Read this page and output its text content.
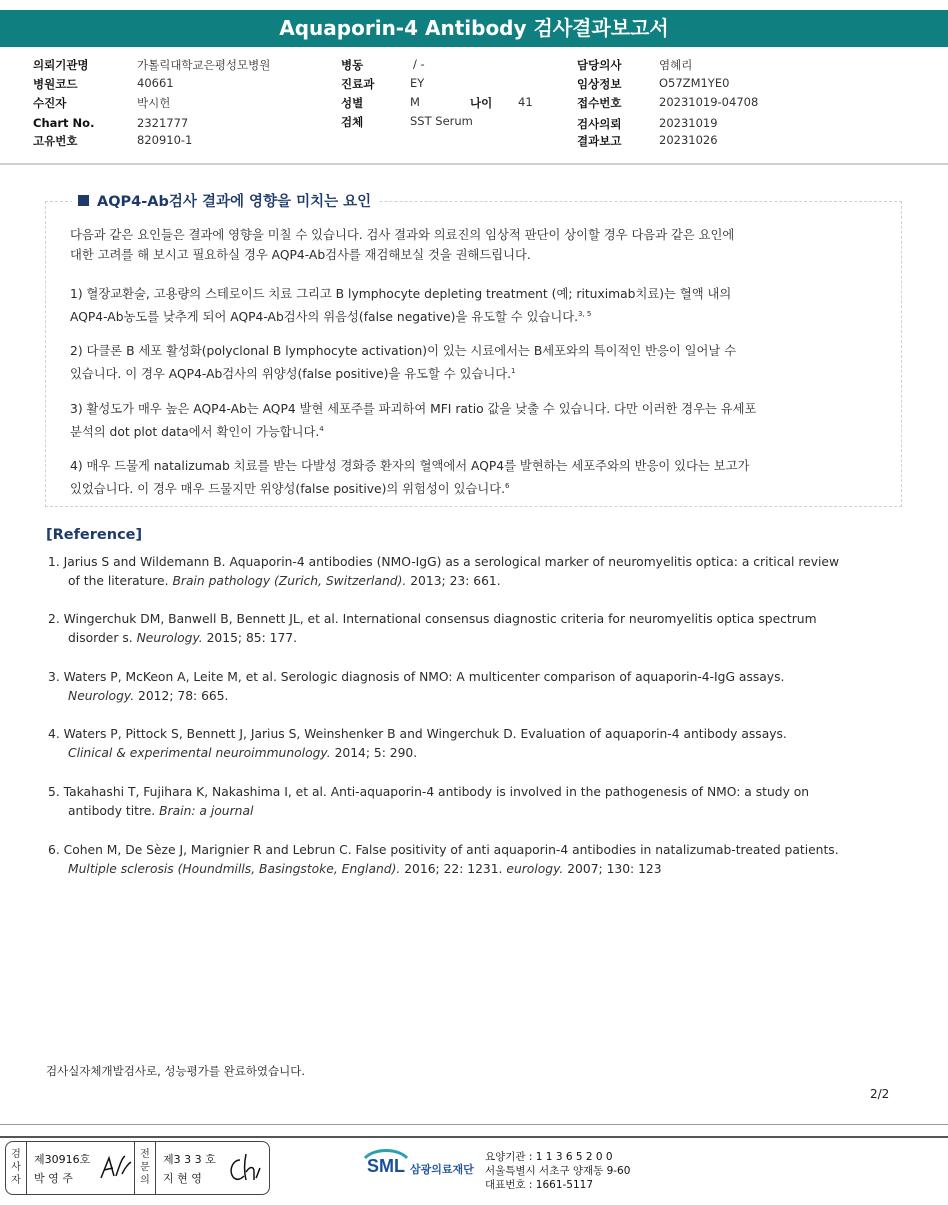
Aquaporin-4 Antibody 검사결과보고서
의뢰기관명	가톨릭대학교은평성모병원
병원코드	40661
수진자	박시헌
Chart No.	2321777
고유번호	820910-1
병동	/ -
진료과	EY
성별	M	나이 41
검체	SST Serum
담당의사	염혜리
임상정보	O57ZM1YE0
접수번호	20231019-04708
검사의뢰	20231019
결과보고	20231026
AQP4-Ab검사 결과에 영향을 미치는 요인

다음과 같은 요인들은 결과에 영향을 미칠 수 있습니다. 검사 결과와 의료진의 임상적 판단이 상이할 경우 다음과 같은 요인에
대한 고려를 해 보시고 필요하실 경우 AQP4-Ab검사를 재검해보실 것을 권해드립니다.

1) 혈장교환술, 고용량의 스테로이드 치료 그리고 B lymphocyte depleting treatment (예; rituximab치료)는 혈액 내의
AQP4-Ab농도를 낮추게 되어 AQP4-Ab검사의 위음성(false negative)을 유도할 수 있습니다.$^{3, 5}$

2) 다클론 B 세포 활성화(polyclonal B lymphocyte activation)이 있는 시료에서는 B세포와의 특이적인 반응이 일어날 수
있습니다. 이 경우 AQP4-Ab검사의 위양성(false positive)을 유도할 수 있습니다.$^1$

3) 활성도가 매우 높은 AQP4-Ab는 AQP4 발현 세포주를 파괴하여 MFI ratio 값을 낮출 수 있습니다. 다만 이러한 경우는 유세포
분석의 dot plot data에서 확인이 가능합니다.$^4$

4) 매우 드물게 natalizumab 치료를 받는 다발성 경화증 환자의 혈액에서 AQP4를 발현하는 세포주와의 반응이 있다는 보고가
있었습니다. 이 경우 매우 드물지만 위양성(false positive)의 위험성이 있습니다.$^6$

[Reference]
1. Jarius S and Wildemann B. Aquaporin-4 antibodies (NMO-IgG) as a serological marker of neuromyelitis optica: a critical review
of the literature. Brain pathology (Zurich, Switzerland). 2013; 23: 661.
2. Wingerchuk DM, Banwell B, Bennett JL, et al. International consensus diagnostic criteria for neuromyelitis optica spectrum
disorder s. Neurology. 2015; 85: 177.
3. Waters P, McKeon A, Leite M, et al. Serologic diagnosis of NMO: A multicenter comparison of aquaporin-4-IgG assays.
Neurology. 2012; 78: 665.
4. Waters P, Pittock S, Bennett J, Jarius S, Weinshenker B and Wingerchuk D. Evaluation of aquaporin-4 antibody assays.
Clinical & experimental neuroimmunology. 2014; 5: 290.
5. Takahashi T, Fujihara K, Nakashima I, et al. Anti-aquaporin-4 antibody is involved in the pathogenesis of NMO: a study on
antibody titre. Brain: a journal
6. Cohen M, De Sèze J, Marignier R and Lebrun C. False positivity of anti aquaporin-4 antibodies in natalizumab-treated patients.
Multiple sclerosis (Houndmills, Basingstoke, England). 2016; 22: 1231. eurology. 2007; 130: 123
검사실자체개발검사로, 성능평가를 완료하였습니다.
2/2
검
사
자
제30916호
박 영 주
전
문
의
제3 3 3 호
지 현 영
SML 삼광의료재단
요양기관 : 1 1 3 6 5 2 0 0
서울특별시 서초구 양재동 9-60
대표번호 : 1661-5117
